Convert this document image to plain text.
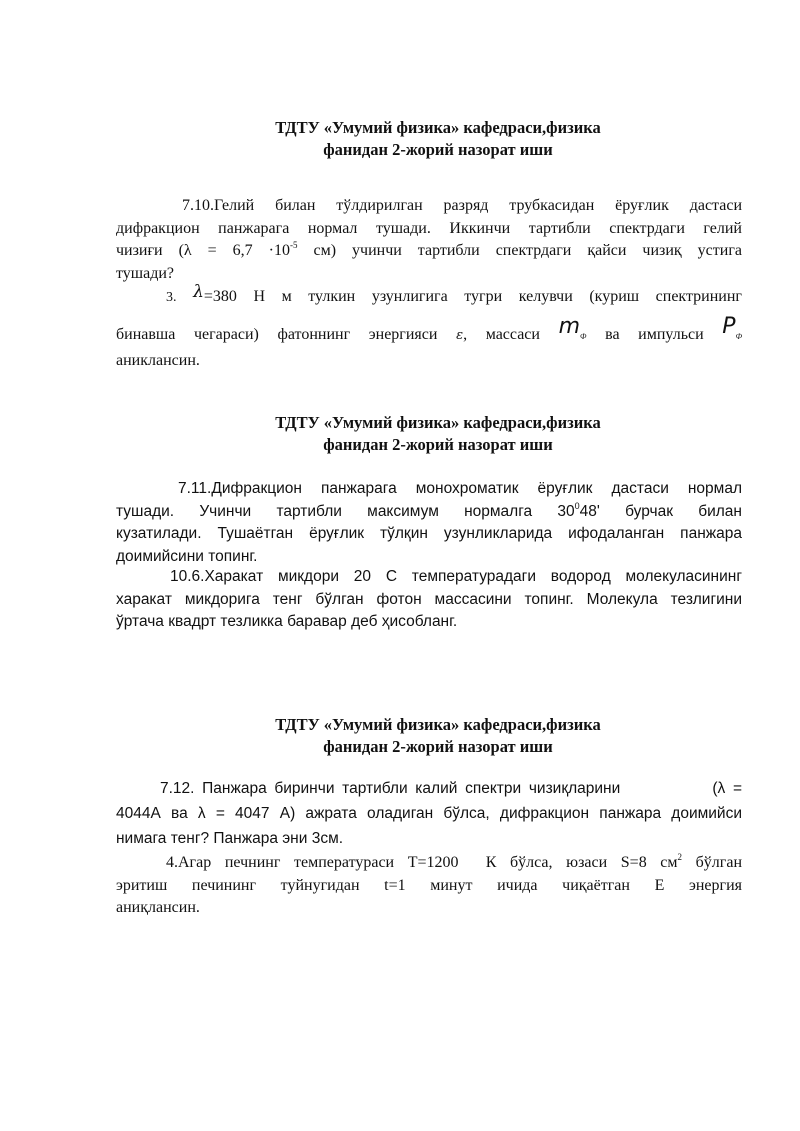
ТДТУ «Умумий физика» кафедраси,физика
фанидан 2-жорий назорат иши
7.10.Гелий билан тўлдирилган разряд трубкасидан ёруғлик дастаси
дифракцион панжарага нормал тушади. Иккинчи тартибли спектрдаги гелий
чизиғи ($\lambda = 6,7 \cdot 10^{-5}$ см) учинчи тартибли спектрдаги қайси чизиқ устига
тушади?
3. λ=380 Н м тулкин узунлигига тугри келувчи (куриш спектрининг
бинавша чегараси) фатоннинг энергияси ε, массаси mФ ва импульси PФ
аниклансин.
ТДТУ «Умумий физика» кафедраси,физика
фанидан 2-жорий назорат иши
7.11.Дифракцион панжарага монохроматик ёруғлик дастаси нормал
тушади. Учинчи тартибли максимум нормалга $30^048'$ бурчак билан
кузатилади. Тушаётган ёруғлик тўлқин узунликларида ифодаланган панжара
доимийсини топинг.
10.6.Харакат микдори 20 С температурадаги водород молекуласининг
харакат микдорига тенг бўлган фотон массасини топинг. Молекула тезлигини
ўртача квадрт тезликка баравар деб ҳисобланг.
ТДТУ «Умумий физика» кафедраси,физика
фанидан 2-жорий назорат иши
7.12. Панжара биринчи тартибли калий спектри чизиқларини            (λ =
4044А ва λ = 4047 А) ажрата оладиган бўлса, дифракцион панжара доимийси
нимага тенг? Панжара эни 3см.
4.Агар печнинг температураси Т=1200  К бўлса, юзаси S=8 $см^2$ бўлган
эритиш печининг туйнугидан t=1 минут ичида чиқаётган Е энергия
аниқлансин.
